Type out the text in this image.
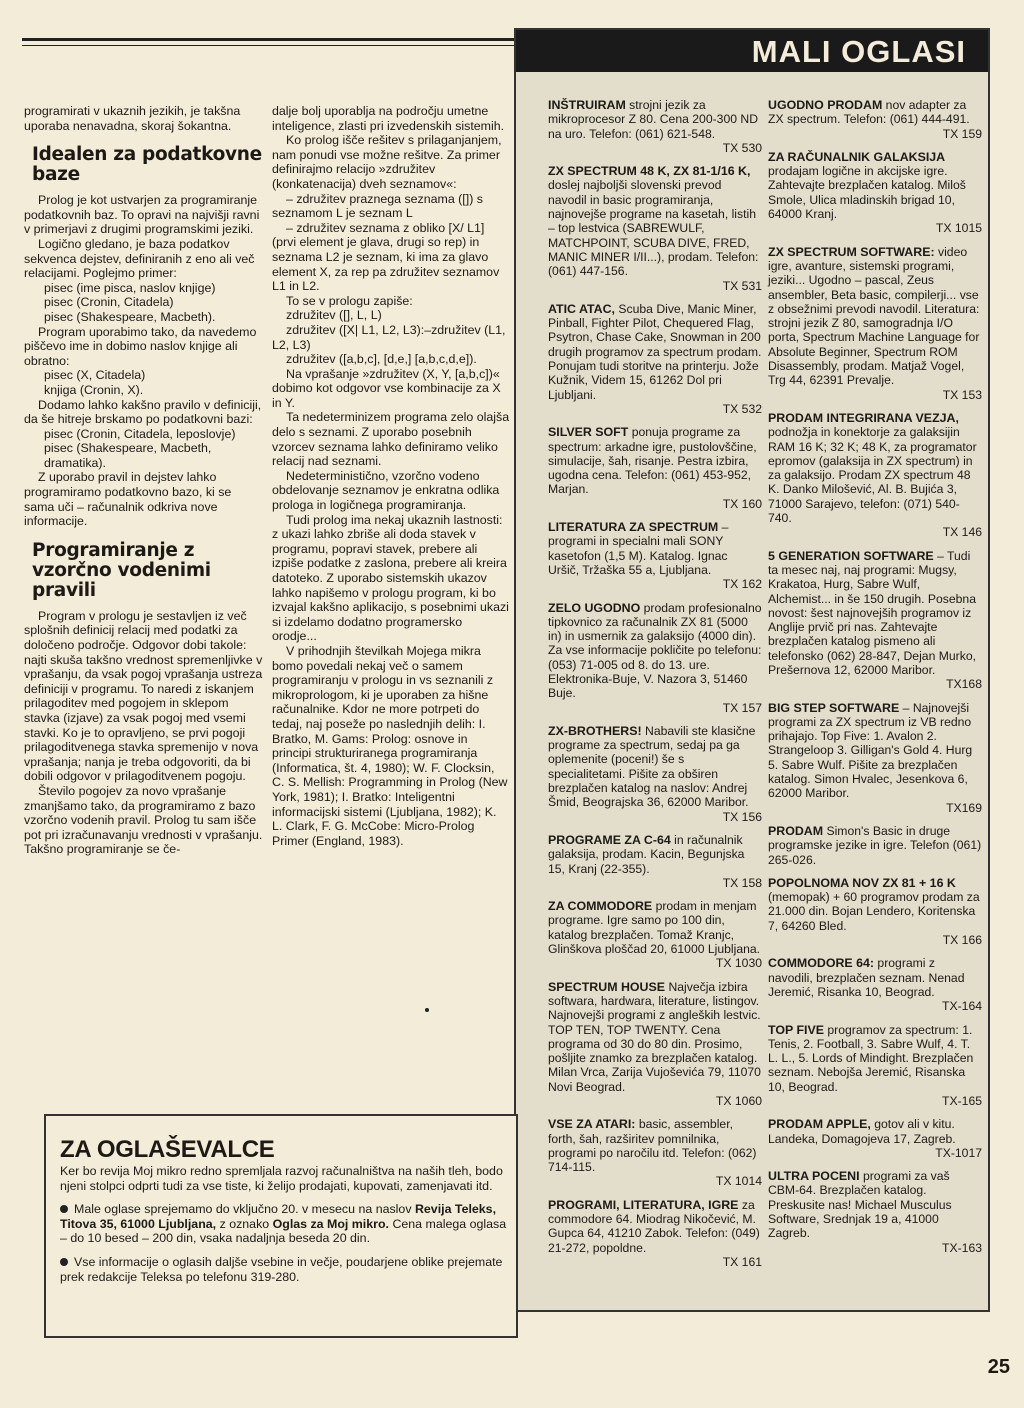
programirati v ukaznih jezikih, je takšna uporaba nenavadna, skoraj šokantna.

Idealen za podatkovne baze

Prolog je kot ustvarjen za programiranje podatkovnih baz. To opravi na najvišji ravni v primerjavi z drugimi programskimi jeziki.

Logično gledano, je baza podatkov sekvenca dejstev, definiranih z eno ali več relacijami. Poglejmo primer:

pisec (ime pisca, naslov knjige)

pisec (Cronin, Citadela)

pisec (Shakespeare, Macbeth).

Program uporabimo tako, da navedemo piščevo ime in dobimo naslov knjige ali obratno:

pisec (X, Citadela)

knjiga (Cronin, X).

Dodamo lahko kakšno pravilo v definiciji, da še hitreje brskamo po podatkovni bazi:

pisec (Cronin, Citadela, leposlovje)

pisec (Shakespeare, Macbeth, dramatika).

Z uporabo pravil in dejstev lahko programiramo podatkovno bazo, ki se sama uči – računalnik odkriva nove informacije.

Programiranje z vzorčno vodenimi pravili

Program v prologu je sestavljen iz več splošnih definicij relacij med podatki za določeno področje. Odgovor dobi takole: najti skuša takšno vrednost spremenljivke v vprašanju, da vsak pogoj vprašanja ustreza definiciji v programu. To naredi z iskanjem prilagoditev med pogojem in sklepom stavka (izjave) za vsak pogoj med vsemi stavki. Ko je to opravljeno, se prvi pogoji prilagoditvenega stavka spremenijo v nova vprašanja; nanja je treba odgovoriti, da bi dobili odgovor v prilagoditvenem pogoju.

Število pogojev za novo vprašanje zmanjšamo tako, da programiramo z bazo vzorčno vodenih pravil. Prolog tu sam išče pot pri izračunavanju vrednosti v vprašanju. Takšno programiranje se če-

dalje bolj uporablja na področju umetne inteligence, zlasti pri izvedenskih sistemih.

Ko prolog išče rešitev s prilaganjanjem, nam ponudi vse možne rešitve. Za primer definirajmo relacijo »združitev (konkatenacija) dveh seznamov«:

– združitev praznega seznama ([]) s seznamom L je seznam L

– združitev seznama z obliko [X/ L1] (prvi element je glava, drugi so rep) in seznama L2 je seznam, ki ima za glavo element X, za rep pa združitev seznamov L1 in L2.

To se v prologu zapiše:

združitev ([], L, L)

združitev ([X| L1, L2, L3):–združitev (L1, L2, L3)

združitev ([a,b,c], [d,e,] [a,b,c,d,e]).

Na vprašanje »združitev (X, Y, [a,b,c])« dobimo kot odgovor vse kombinacije za X in Y.

Ta nedeterminizem programa zelo olajša delo s seznami. Z uporabo posebnih vzorcev seznama lahko definiramo veliko relacij nad seznami.

Nedeterminističnо, vzorčno vodeno obdelovanje seznamov je enkratna odlika prologa in logičnega programiranja.

Tudi prolog ima nekaj ukaznih lastnosti: z ukazi lahko zbriše ali doda stavek v programu, popravi stavek, prebere ali izpiše podatke z zaslona, prebere ali kreira datoteko. Z uporabo sistemskih ukazov lahko napišemo v prologu program, ki bo izvajal kakšno aplikacijo, s posebnimi ukazi si izdelamo dodatno programersko orodje...

V prihodnjih številkah Mojega mikra bomo povedali nekaj več o samem programiranju v prologu in vs seznanili z mikroprologom, ki je uporaben za hišne računalnike. Kdor ne more potrpeti do tedaj, naj poseže po naslednjih delih: I. Bratko, M. Gams: Prolog: osnove in principi strukturiranega programiranja (Informatica, št. 4, 1980); W. F. Clocksin, C. S. Mellish: Programming in Prolog (New York, 1981); I. Bratko: Inteligentni informacijski sistemi (Ljubljana, 1982); K. L. Clark, F. G. McCobe: Micro-Prolog Primer (England, 1983).

MALI OGLASI
INŠTRUIRAM strojni jezik za mikroprocesor Z 80. Cena 200-300 ND na uro. Telefon: (061) 621-548.
TX 530
ZX SPECTRUM 48 K, ZX 81-1/16 K, doslej najboljši slovenski prevod navodil in basic programiranja, najnovejše programe na kasetah, listih – top lestvica (SABREWULF, MATCHPOINT, SCUBA DIVE, FRED, MANIC MINER I/II...), prodam. Telefon: (061) 447-156.
TX 531
ATIC ATAC, Scuba Dive, Manic Miner, Pinball, Fighter Pilot, Chequered Flag, Psytron, Chase Cake, Snowman in 200 drugih programov za spectrum prodam. Ponujam tudi storitve na printerju. Jože Kužnik, Videm 15, 61262 Dol pri Ljubljani.
TX 532
SILVER SOFT ponuja programe za spectrum: arkadne igre, pustolovščine, simulacije, šah, risanje. Pestra izbira, ugodna cena. Telefon: (061) 453-952, Marjan.
TX 160
LITERATURA ZA SPECTRUM – programi in specialni mali SONY kasetofon (1,5 M). Katalog. Ignac Uršič, Tržaška 55 a, Ljubljana.
TX 162
ZELO UGODNO prodam profesionalno tipkovnico za računalnik ZX 81 (5000 in) in usmernik za galaksijo (4000 din). Za vse informacije pokličite po telefonu: (053) 71-005 od 8. do 13. ure. Elektronika-Buje, V. Nazora 3, 51460 Buje.
TX 157
ZX-BROTHERS! Nabavili ste klasične programe za spectrum, sedaj pa ga oplemenite (poceni!) še s specialitetami. Pišite za obširen brezplačen katalog na naslov: Andrej Šmid, Beograjska 36, 62000 Maribor.
TX 156
PROGRAME ZA C-64 in računalnik galaksija, prodam. Kacin, Begunjska 15, Kranj (22-355).
TX 158
ZA COMMODORE prodam in menjam programe. Igre samo po 100 din, katalog brezplačen. Tomaž Kranjc, Glinškova ploščad 20, 61000 Ljubljana.
TX 1030
SPECTRUM HOUSE Največja izbira softwara, hardwara, literature, listingov. Najnovejši programi z angleških lestvic. TOP TEN, TOP TWENTY. Cena programa od 30 do 80 din. Prosimo, pošljite znamko za brezplačen katalog. Milan Vrca, Zarija Vujoševića 79, 11070 Novi Beograd.
TX 1060
VSE ZA ATARI: basic, assembler, forth, šah, razširitev pomnilnika, programi po naročilu itd. Telefon: (062) 714-115.
TX 1014
PROGRAMI, LITERATURA, IGRE za commodore 64. Miodrag Nikočević, M. Gupca 64, 41210 Zabok. Telefon: (049) 21-272, popoldne.
TX 161
UGODNO PRODAM nov adapter za ZX spectrum. Telefon: (061) 444-491.
TX 159
ZA RAČUNALNIK GALAKSIJA prodajam logične in akcijske igre. Zahtevajte brezplačen katalog. Miloš Smole, Ulica mladinskih brigad 10, 64000 Kranj.
TX 1015
ZX SPECTRUM SOFTWARE: video igre, avanture, sistemski programi, jeziki... Ugodno – pascal, Zeus ansembler, Beta basic, compilerji... vse z obsežnimi prevodi navodil. Literatura: strojni jezik Z 80, samogradnja I/O porta, Spectrum Machine Language for Absolute Beginner, Spectrum ROM Disassembly, prodam. Matjaž Vogel, Trg 44, 62391 Prevalje.
TX 153
PRODAM INTEGRIRANA VEZJA, podnožja in konektorje za galaksijin RAM 16 K; 32 K; 48 K, za programator epromov (galaksija in ZX spectrum) in za galaksijo. Prodam ZX spectrum 48 K. Danko Milošević, Al. B. Bujića 3, 71000 Sarajevo, telefon: (071) 540-740.
TX 146
5 GENERATION SOFTWARE – Tudi ta mesec naj, naj programi: Mugsy, Krakatoa, Hurg, Sabre Wulf, Alchemist... in še 150 drugih. Posebna novost: šest najnovejših programov iz Anglije prvič pri nas. Zahtevajte brezplačen katalog pismeno ali telefonsko (062) 28-847, Dejan Murko, Prešernova 12, 62000 Maribor.
TX168
BIG STEP SOFTWARE – Najnovejši programi za ZX spectrum iz VB redno prihajajo. Top Five: 1. Avalon 2. Strangeloop 3. Gilligan's Gold 4. Hurg 5. Sabre Wulf. Pišite za brezplačen katalog. Simon Hvalec, Jesenkova 6, 62000 Maribor.
TX169
PRODAM Simon's Basic in druge programske jezike in igre. Telefon (061) 265-026.
POPOLNOMA NOV ZX 81 + 16 K (memopak) + 60 programov prodam za 21.000 din. Bojan Lendero, Koritenska 7, 64260 Bled.
TX 166
COMMODORE 64: programi z navodili, brezplačen seznam. Nenad Jeremić, Risanka 10, Beograd.
TX-164
TOP FIVE programov za spectrum: 1. Tenis, 2. Football, 3. Sabre Wulf, 4. T. L. L., 5. Lords of Mindight. Brezplačen seznam. Nebojša Jeremić, Risanska 10, Beograd.
TX-165
PRODAM APPLE, gotov ali v kitu. Landeka, Domagojeva 17, Zagreb.
TX-1017
ULTRA POCENI programi za vaš CBM-64. Brezplačen katalog. Preskusite nas! Michael Musculus Software, Srednjak 19 a, 41000 Zagreb.
TX-163
ZA OGLAŠEVALCE

Ker bo revija Moj mikro redno spremljala razvoj računalništva na naših tleh, bodo njeni stolpci odprti tudi za vse tiste, ki želijo prodajati, kupovati, zamenjavati itd.

Male oglase sprejemamo do vključno 20. v mesecu na naslov Revija Teleks, Titova 35, 61000 Ljubljana, z oznako Oglas za Moj mikro. Cena malega oglasa – do 10 besed – 200 din, vsaka nadaljnja beseda 20 din.

Vse informacije o oglasih daljše vsebine in večje, poudarjene oblike prejemate prek redakcije Teleksa po telefonu 319-280.

25
